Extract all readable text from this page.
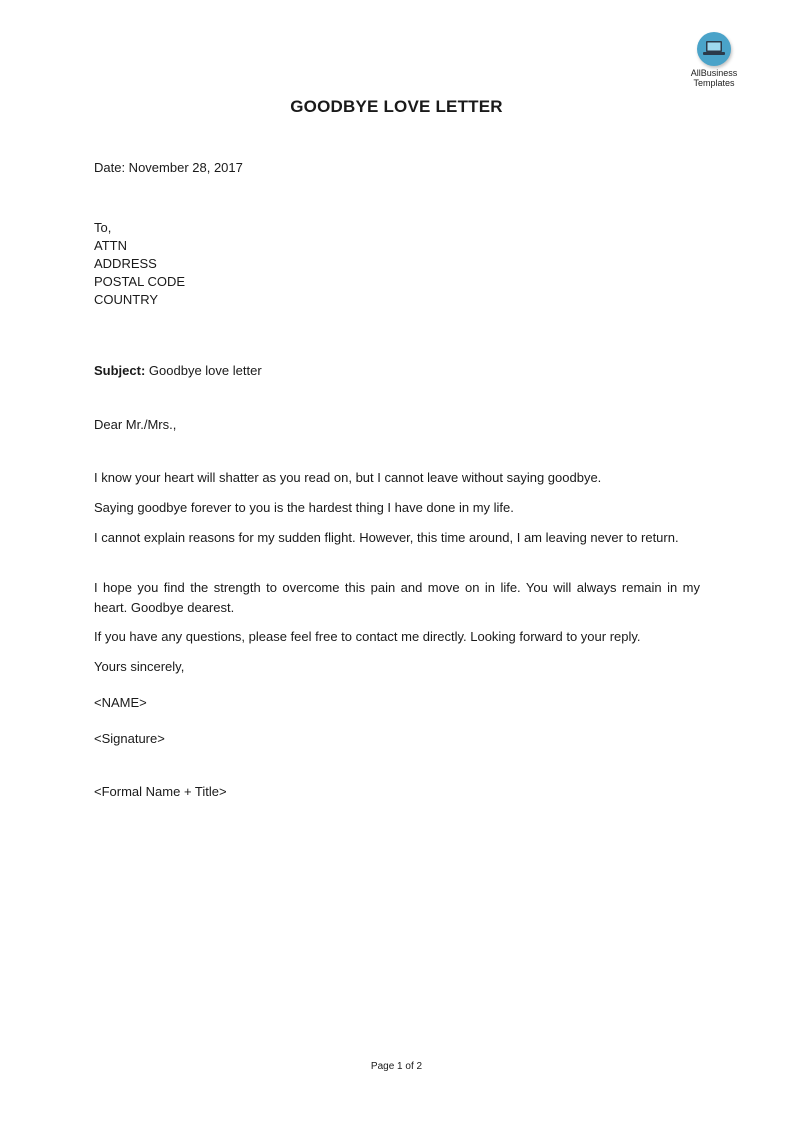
AllBusiness
Templates
GOODBYE LOVE LETTER
Date: November 28, 2017
To,
ATTN
ADDRESS
POSTAL CODE
COUNTRY
Subject: Goodbye love letter
Dear Mr./Mrs.,
I know your heart will shatter as you read on, but I cannot leave without saying goodbye.
Saying goodbye forever to you is the hardest thing I have done in my life.
I cannot explain reasons for my sudden flight. However, this time around, I am leaving never to return.
I hope you find the strength to overcome this pain and move on in life. You will always remain in my heart. Goodbye dearest.
If you have any questions, please feel free to contact me directly. Looking forward to your reply.
Yours sincerely,
<NAME>
<Signature>
<Formal Name + Title>
Page 1 of 2
